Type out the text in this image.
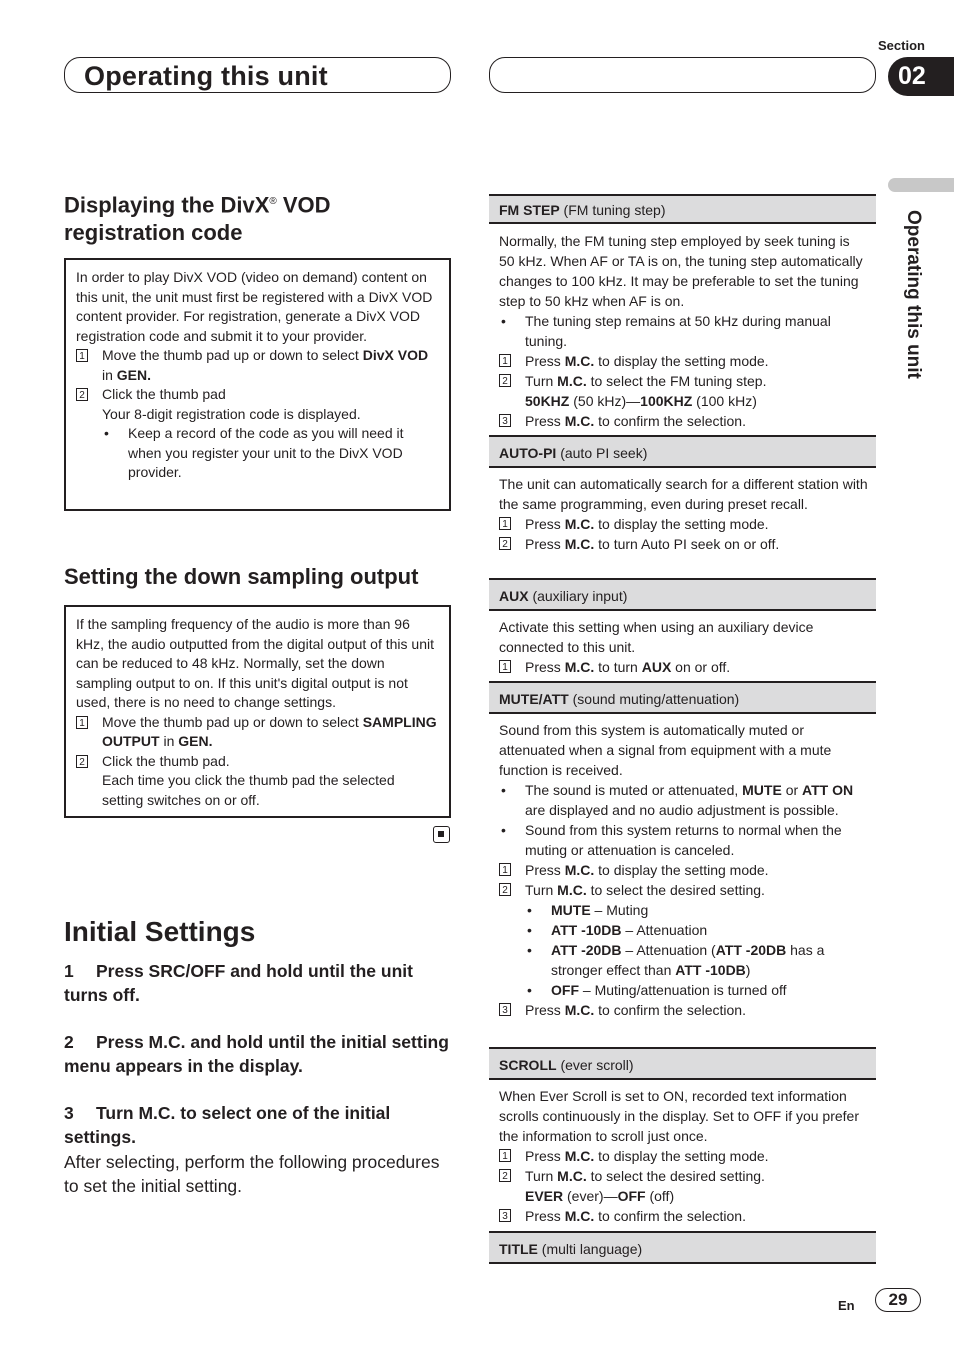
Operating this unit
Section
02
Operating this unit
Displaying the DivX® VOD
registration code
In order to play DivX VOD (video on demand) content on this unit, the unit must first be registered with a DivX VOD content provider. For registration, generate a DivX VOD registration code and submit it to your provider.
1 Move the thumb pad up or down to select DivX VOD in GEN.
2 Click the thumb pad
Your 8-digit registration code is displayed.
• Keep a record of the code as you will need it when you register your unit to the DivX VOD provider.
Setting the down sampling output
If the sampling frequency of the audio is more than 96 kHz, the audio outputted from the digital output of this unit can be reduced to 48 kHz. Normally, set the down sampling output to on. If this unit's digital output is not used, there is no need to change settings.
1 Move the thumb pad up or down to select SAMPLING OUTPUT in GEN.
2 Click the thumb pad.
Each time you click the thumb pad the selected setting switches on or off.
Initial Settings
1 Press SRC/OFF and hold until the unit turns off.
2 Press M.C. and hold until the initial setting menu appears in the display.
3 Turn M.C. to select one of the initial settings.
After selecting, perform the following procedures to set the initial setting.
FM STEP (FM tuning step)
Normally, the FM tuning step employed by seek tuning is 50 kHz. When AF or TA is on, the tuning step automatically changes to 100 kHz. It may be preferable to set the tuning step to 50 kHz when AF is on.
• The tuning step remains at 50 kHz during manual tuning.
1 Press M.C. to display the setting mode.
2 Turn M.C. to select the FM tuning step.
50KHZ (50 kHz)—100KHZ (100 kHz)
3 Press M.C. to confirm the selection.
AUTO-PI (auto PI seek)
The unit can automatically search for a different station with the same programming, even during preset recall.
1 Press M.C. to display the setting mode.
2 Press M.C. to turn Auto PI seek on or off.
AUX (auxiliary input)
Activate this setting when using an auxiliary device connected to this unit.
1 Press M.C. to turn AUX on or off.
MUTE/ATT (sound muting/attenuation)
Sound from this system is automatically muted or attenuated when a signal from equipment with a mute function is received.
• The sound is muted or attenuated, MUTE or ATT ON are displayed and no audio adjustment is possible.
• Sound from this system returns to normal when the muting or attenuation is canceled.
1 Press M.C. to display the setting mode.
2 Turn M.C. to select the desired setting.
• MUTE – Muting
• ATT -10DB – Attenuation
• ATT -20DB – Attenuation (ATT -20DB has a stronger effect than ATT -10DB)
• OFF – Muting/attenuation is turned off
3 Press M.C. to confirm the selection.
SCROLL (ever scroll)
When Ever Scroll is set to ON, recorded text information scrolls continuously in the display. Set to OFF if you prefer the information to scroll just once.
1 Press M.C. to display the setting mode.
2 Turn M.C. to select the desired setting.
EVER (ever)—OFF (off)
3 Press M.C. to confirm the selection.
TITLE (multi language)
En	29
